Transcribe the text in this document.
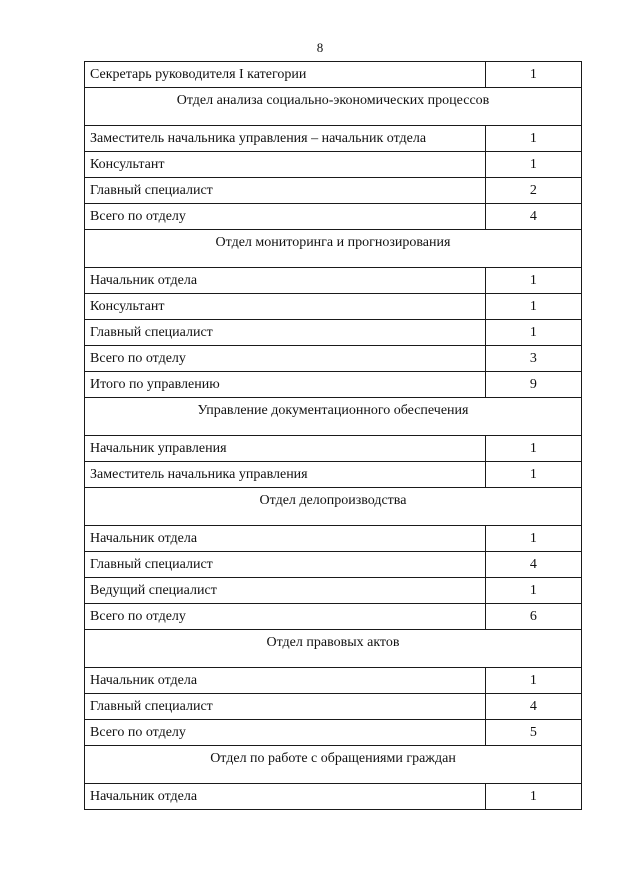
8
Секретарь руководителя I категории	1
Отдел анализа социально-экономических процессов	
Заместитель начальника управления – начальник отдела	1
Консультант	1
Главный специалист	2
Всего по отделу	4
Отдел мониторинга и прогнозирования	
Начальник отдела	1
Консультант	1
Главный специалист	1
Всего по отделу	3
Итого по управлению	9
Управление документационного обеспечения	
Начальник управления	1
Заместитель начальника управления	1
Отдел делопроизводства	
Начальник отдела	1
Главный специалист	4
Ведущий специалист	1
Всего по отделу	6
Отдел правовых актов	
Начальник отдела	1
Главный специалист	4
Всего по отделу	5
Отдел по работе с обращениями граждан	
Начальник отдела	1
